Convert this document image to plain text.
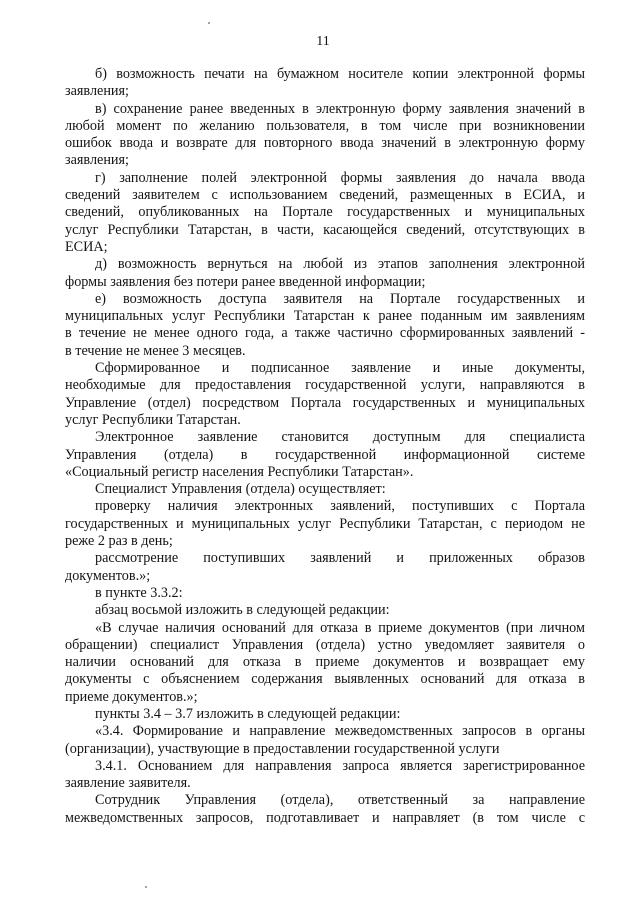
11
б) возможность печати на бумажном носителе копии электронной формы
заявления;
в) сохранение ранее введенных в электронную форму заявления значений в
любой момент по желанию пользователя, в том числе при возникновении
ошибок ввода и возврате для повторного ввода значений в электронную форму
заявления;
г) заполнение полей электронной формы заявления до начала ввода
сведений заявителем с использованием сведений, размещенных в ЕСИА, и
сведений, опубликованных на Портале государственных и муниципальных
услуг Республики Татарстан, в части, касающейся сведений, отсутствующих в
ЕСИА;
д) возможность вернуться на любой из этапов заполнения электронной
формы заявления без потери ранее введенной информации;
е) возможность доступа заявителя на Портале государственных и
муниципальных услуг Республики Татарстан к ранее поданным им заявлениям
в течение не менее одного года, а также частично сформированных заявлений -
в течение не менее 3 месяцев.
Сформированное и подписанное заявление и иные документы,
необходимые для предоставления государственной услуги, направляются в
Управление (отдел) посредством Портала государственных и муниципальных
услуг Республики Татарстан.
Электронное заявление становится доступным для специалиста
Управления (отдела) в государственной информационной системе
«Социальный регистр населения Республики Татарстан».
Специалист Управления (отдела) осуществляет:
проверку наличия электронных заявлений, поступивших с Портала
государственных и муниципальных услуг Республики Татарстан, с периодом не
реже 2 раз в день;
рассмотрение поступивших заявлений и приложенных образов
документов.»;
в пункте 3.3.2:
абзац восьмой изложить в следующей редакции:
«В случае наличия оснований для отказа в приеме документов (при личном
обращении) специалист Управления (отдела) устно уведомляет заявителя о
наличии оснований для отказа в приеме документов и возвращает ему
документы с объяснением содержания выявленных оснований для отказа в
приеме документов.»;
пункты 3.4 – 3.7 изложить в следующей редакции:
«3.4. Формирование и направление межведомственных запросов в органы
(организации), участвующие в предоставлении государственной услуги
3.4.1. Основанием для направления запроса является зарегистрированное
заявление заявителя.
Сотрудник Управления (отдела), ответственный за направление
межведомственных запросов, подготавливает и направляет (в том числе с
